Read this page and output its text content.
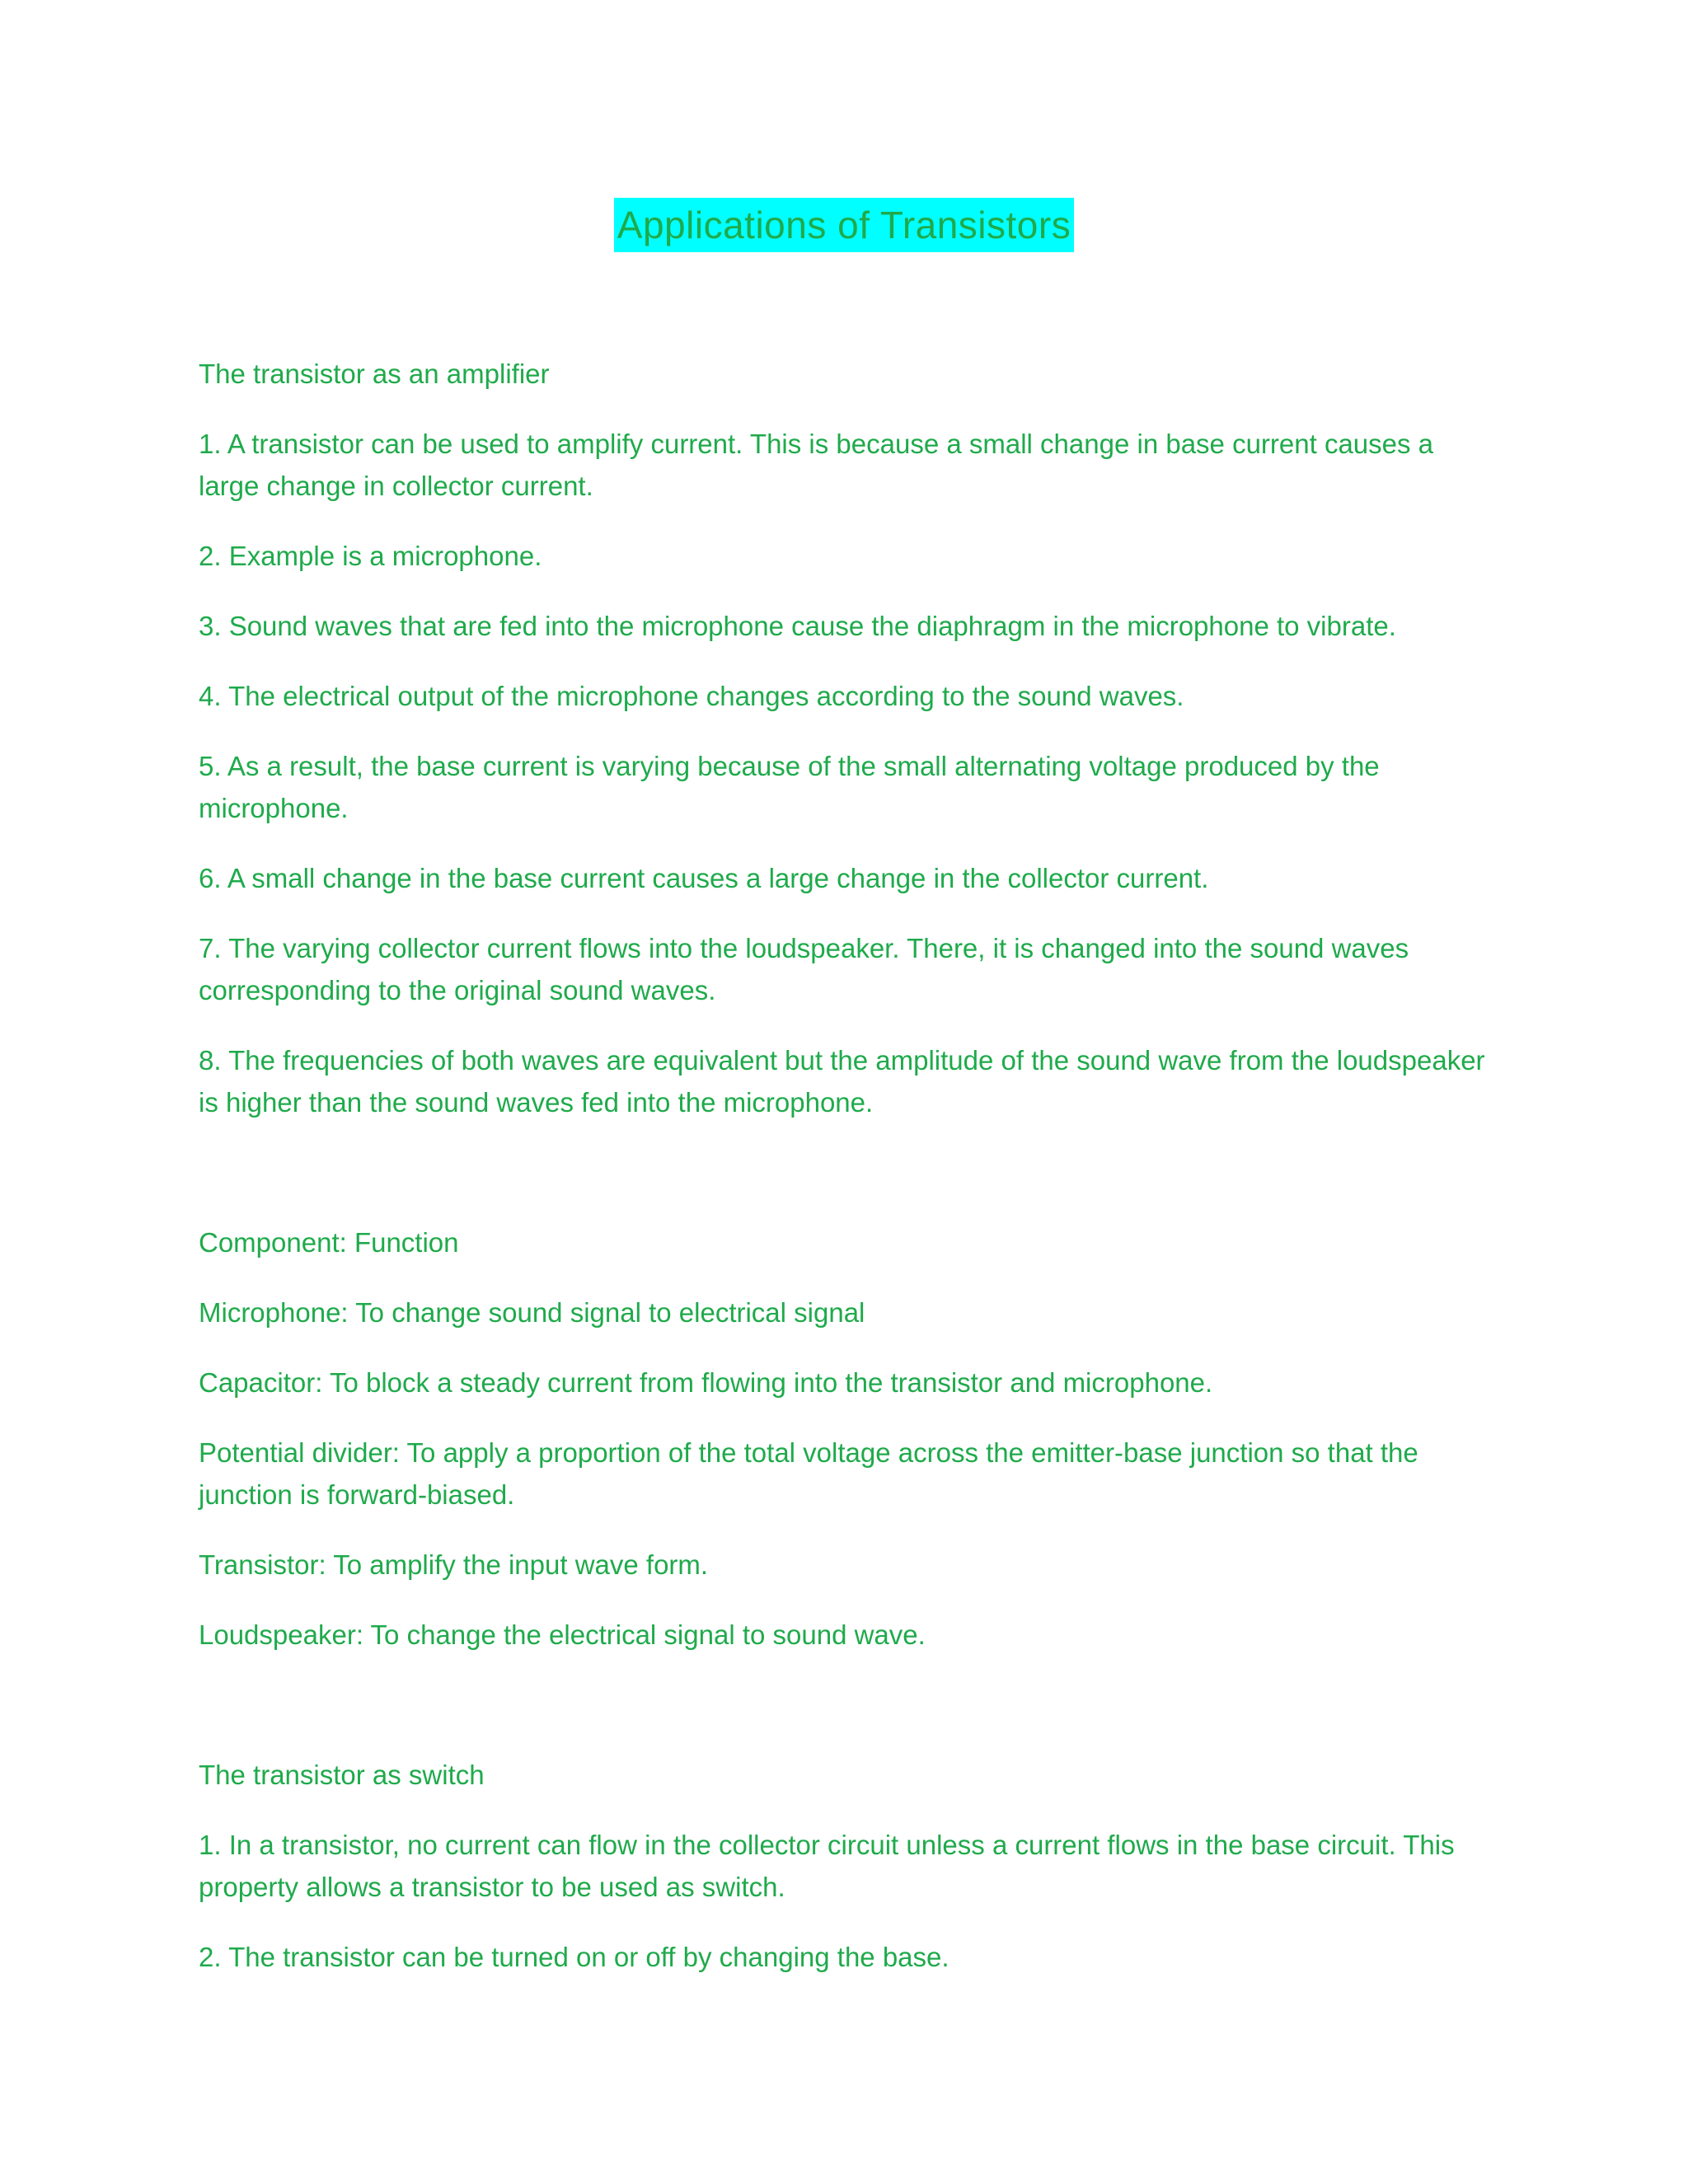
Applications of Transistors

The transistor as an amplifier

1. A transistor can be used to amplify current. This is because a small change in base current causes a large change in collector current.

2. Example is a microphone.

3. Sound waves that are fed into the microphone cause the diaphragm in the microphone to vibrate.

4. The electrical output of the microphone changes according to the sound waves.

5. As a result, the base current is varying because of the small alternating voltage produced by the microphone.

6. A small change in the base current causes a large change in the collector current.

7. The varying collector current flows into the loudspeaker. There, it is changed into the sound waves corresponding to the original sound waves.

8. The frequencies of both waves are equivalent but the amplitude of the sound wave from the loudspeaker is higher than the sound waves fed into the microphone.

Component: Function

Microphone: To change sound signal to electrical signal

Capacitor: To block a steady current from flowing into the transistor and microphone.

Potential divider: To apply a proportion of the total voltage across the emitter-base junction so that the junction is forward-biased.

Transistor: To amplify the input wave form.

Loudspeaker: To change the electrical signal to sound wave.

The transistor as switch

1. In a transistor, no current can flow in the collector circuit unless a current flows in the base circuit. This property allows a transistor to be used as switch.

2. The transistor can be turned on or off by changing the base.
